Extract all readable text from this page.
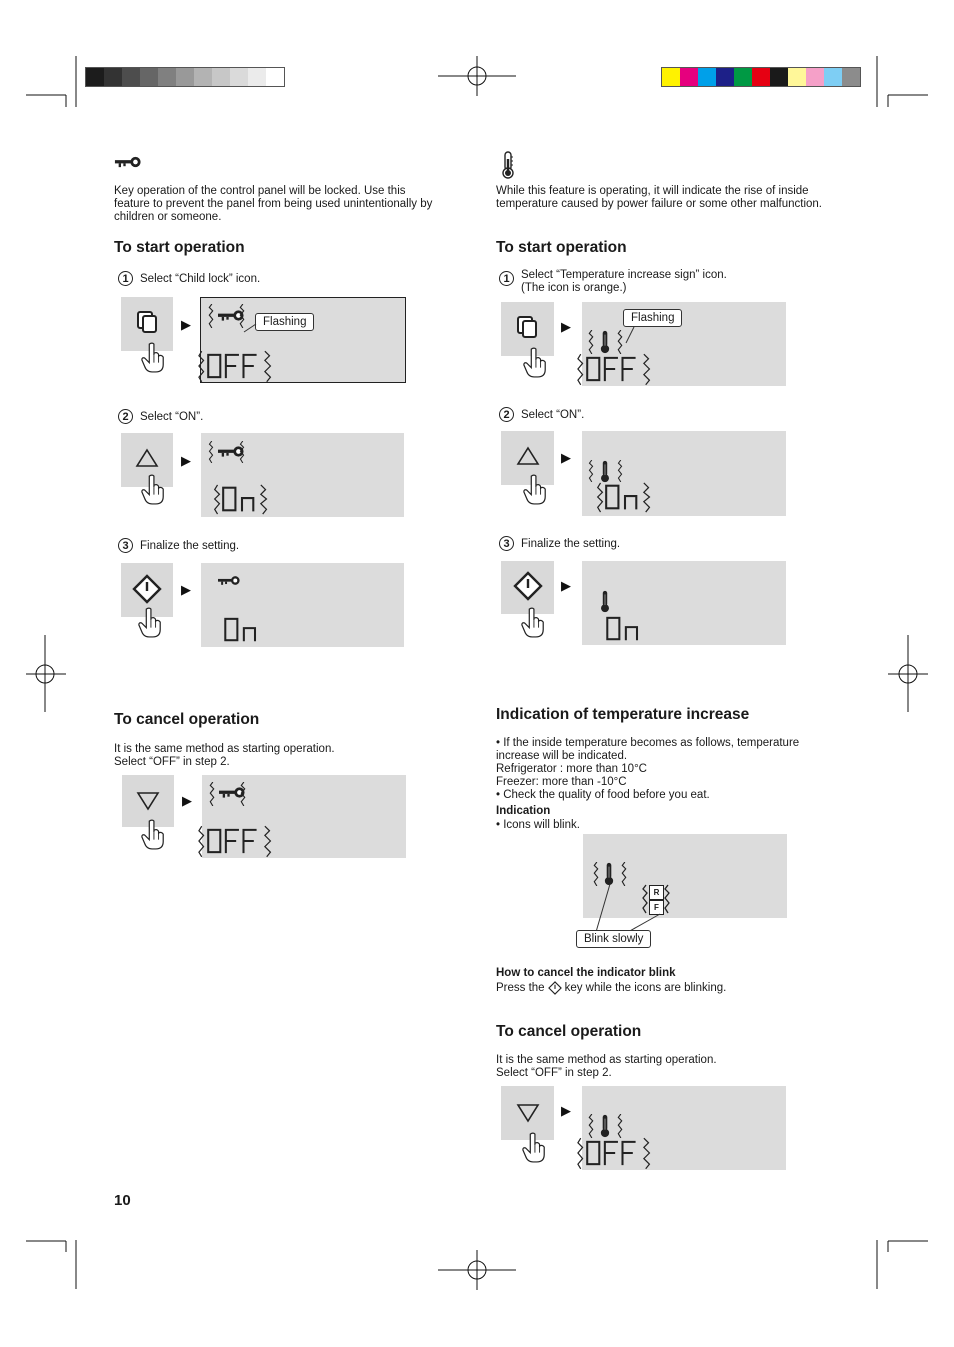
Key operation of the control panel will be locked. Use this
feature to prevent the panel from being used unintentionally by
children or someone.
To start operation
1 Select “Child lock” icon.
▶	Flashing
2 Select “ON”.
▶
3 Finalize the setting.
▶
To cancel operation
It is the same method as starting operation.
Select “OFF” in step 2.
▶
While this feature is operating, it will indicate the rise of inside
temperature caused by power failure or some other malfunction.
To start operation
1 Select “Temperature increase sign” icon.
(The icon is orange.)
▶
Flashing
2 Select “ON”.
▶
3 Finalize the setting.
▶
Indication of temperature increase
• If the inside temperature becomes as follows, temperature
increase will be indicated.
Refrigerator : more than 10°C
Freezer: more than -10°C
• Check the quality of food before you eat.
Indication
• Icons will blink.
R
F
Blink slowly
How to cancel the indicator blink
Press the key while the icons are blinking.
To cancel operation
It is the same method as starting operation.
Select “OFF” in step 2.
▶
10
